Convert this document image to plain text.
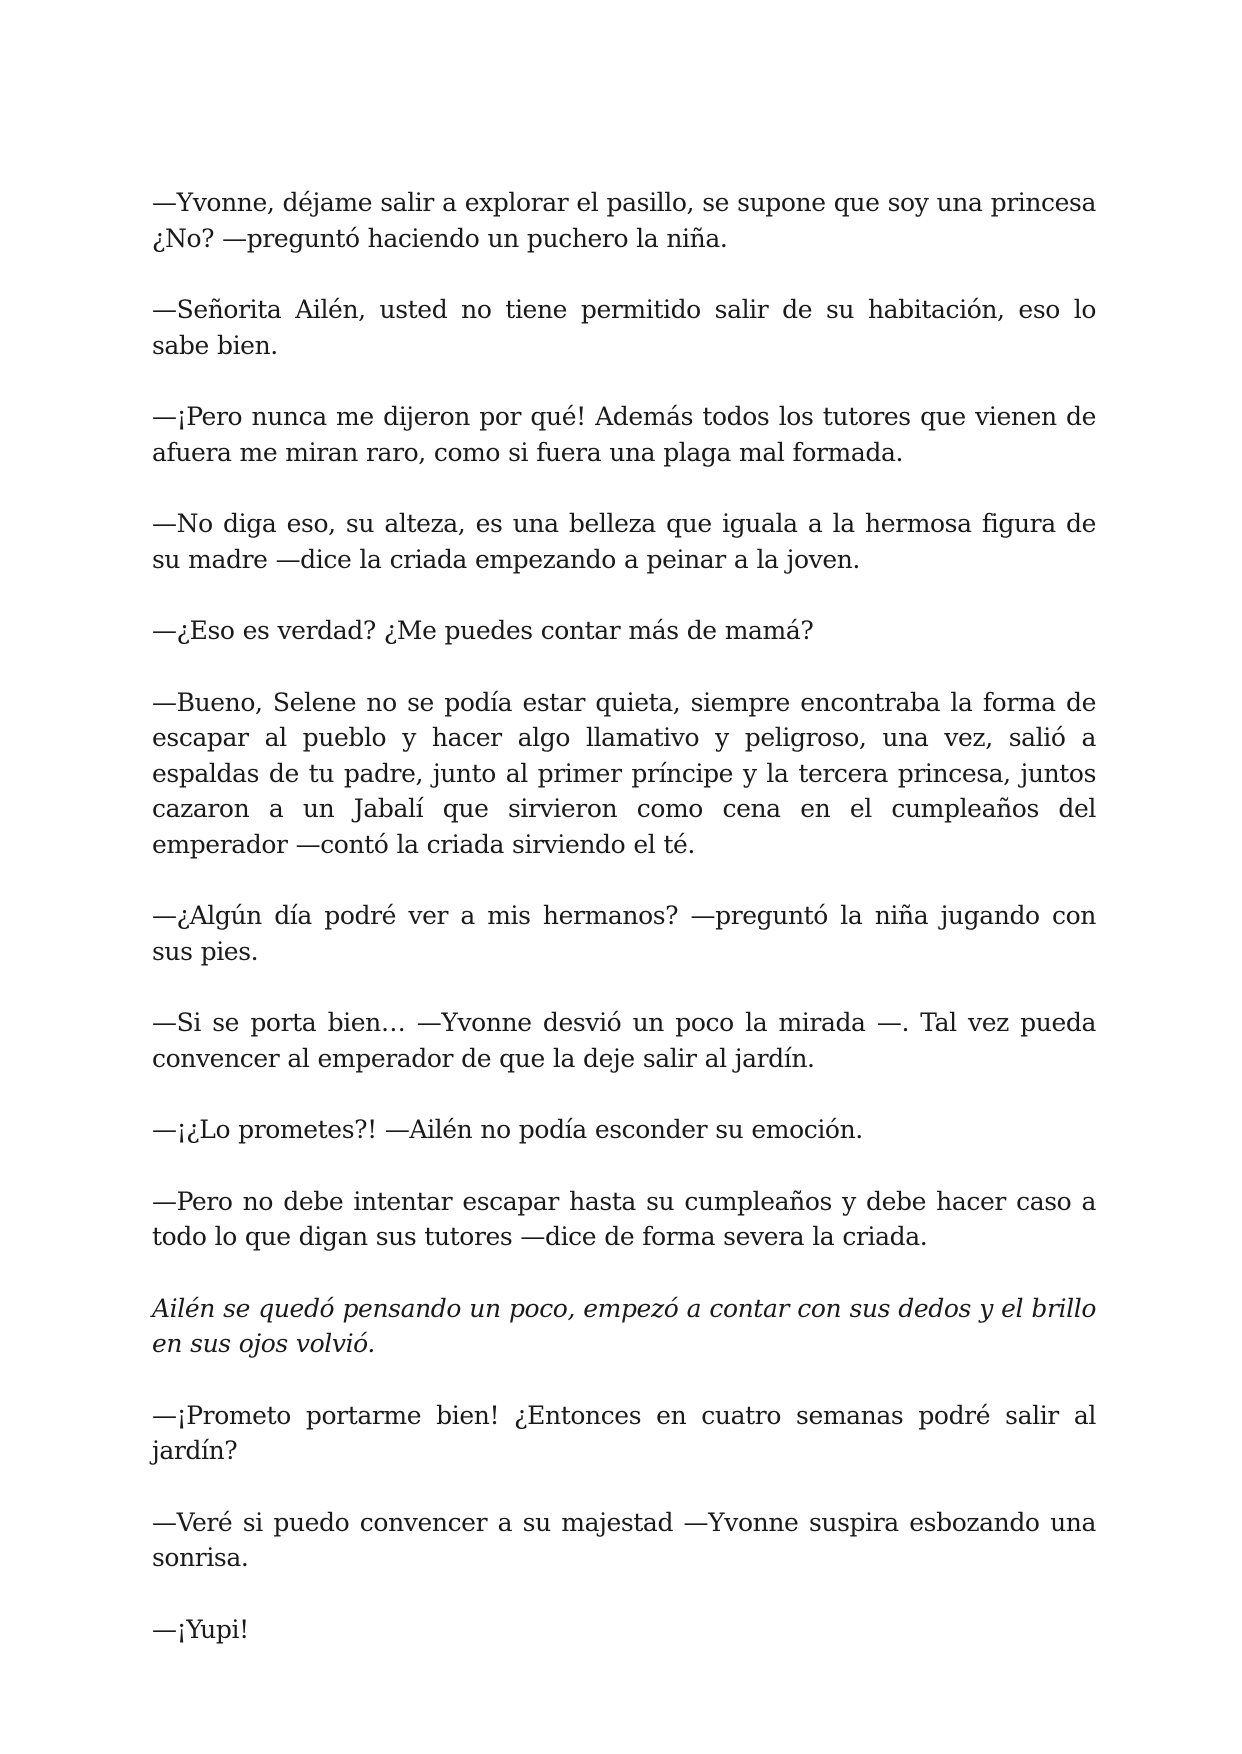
—Yvonne, déjame salir a explorar el pasillo, se supone que soy una princesa ¿No? —preguntó haciendo un puchero la niña.

—Señorita Ailén, usted no tiene permitido salir de su habitación, eso lo sabe bien.

—¡Pero nunca me dijeron por qué! Además todos los tutores que vienen de afuera me miran raro, como si fuera una plaga mal formada.

—No diga eso, su alteza, es una belleza que iguala a la hermosa figura de su madre —dice la criada empezando a peinar a la joven.

—¿Eso es verdad? ¿Me puedes contar más de mamá?

—Bueno, Selene no se podía estar quieta, siempre encontraba la forma de escapar al pueblo y hacer algo llamativo y peligroso, una vez, salió a espaldas de tu padre, junto al primer príncipe y la tercera princesa, juntos cazaron a un Jabalí que sirvieron como cena en el cumpleaños del emperador —contó la criada sirviendo el té.

—¿Algún día podré ver a mis hermanos? —preguntó la niña jugando con sus pies.

—Si se porta bien… —Yvonne desvió un poco la mirada —. Tal vez pueda convencer al emperador de que la deje salir al jardín.

—¡¿Lo prometes?! —Ailén no podía esconder su emoción.

—Pero no debe intentar escapar hasta su cumpleaños y debe hacer caso a todo lo que digan sus tutores —dice de forma severa la criada.

Ailén se quedó pensando un poco, empezó a contar con sus dedos y el brillo en sus ojos volvió.

—¡Prometo portarme bien! ¿Entonces en cuatro semanas podré salir al jardín?

—Veré si puedo convencer a su majestad —Yvonne suspira esbozando una sonrisa.

—¡Yupi!
